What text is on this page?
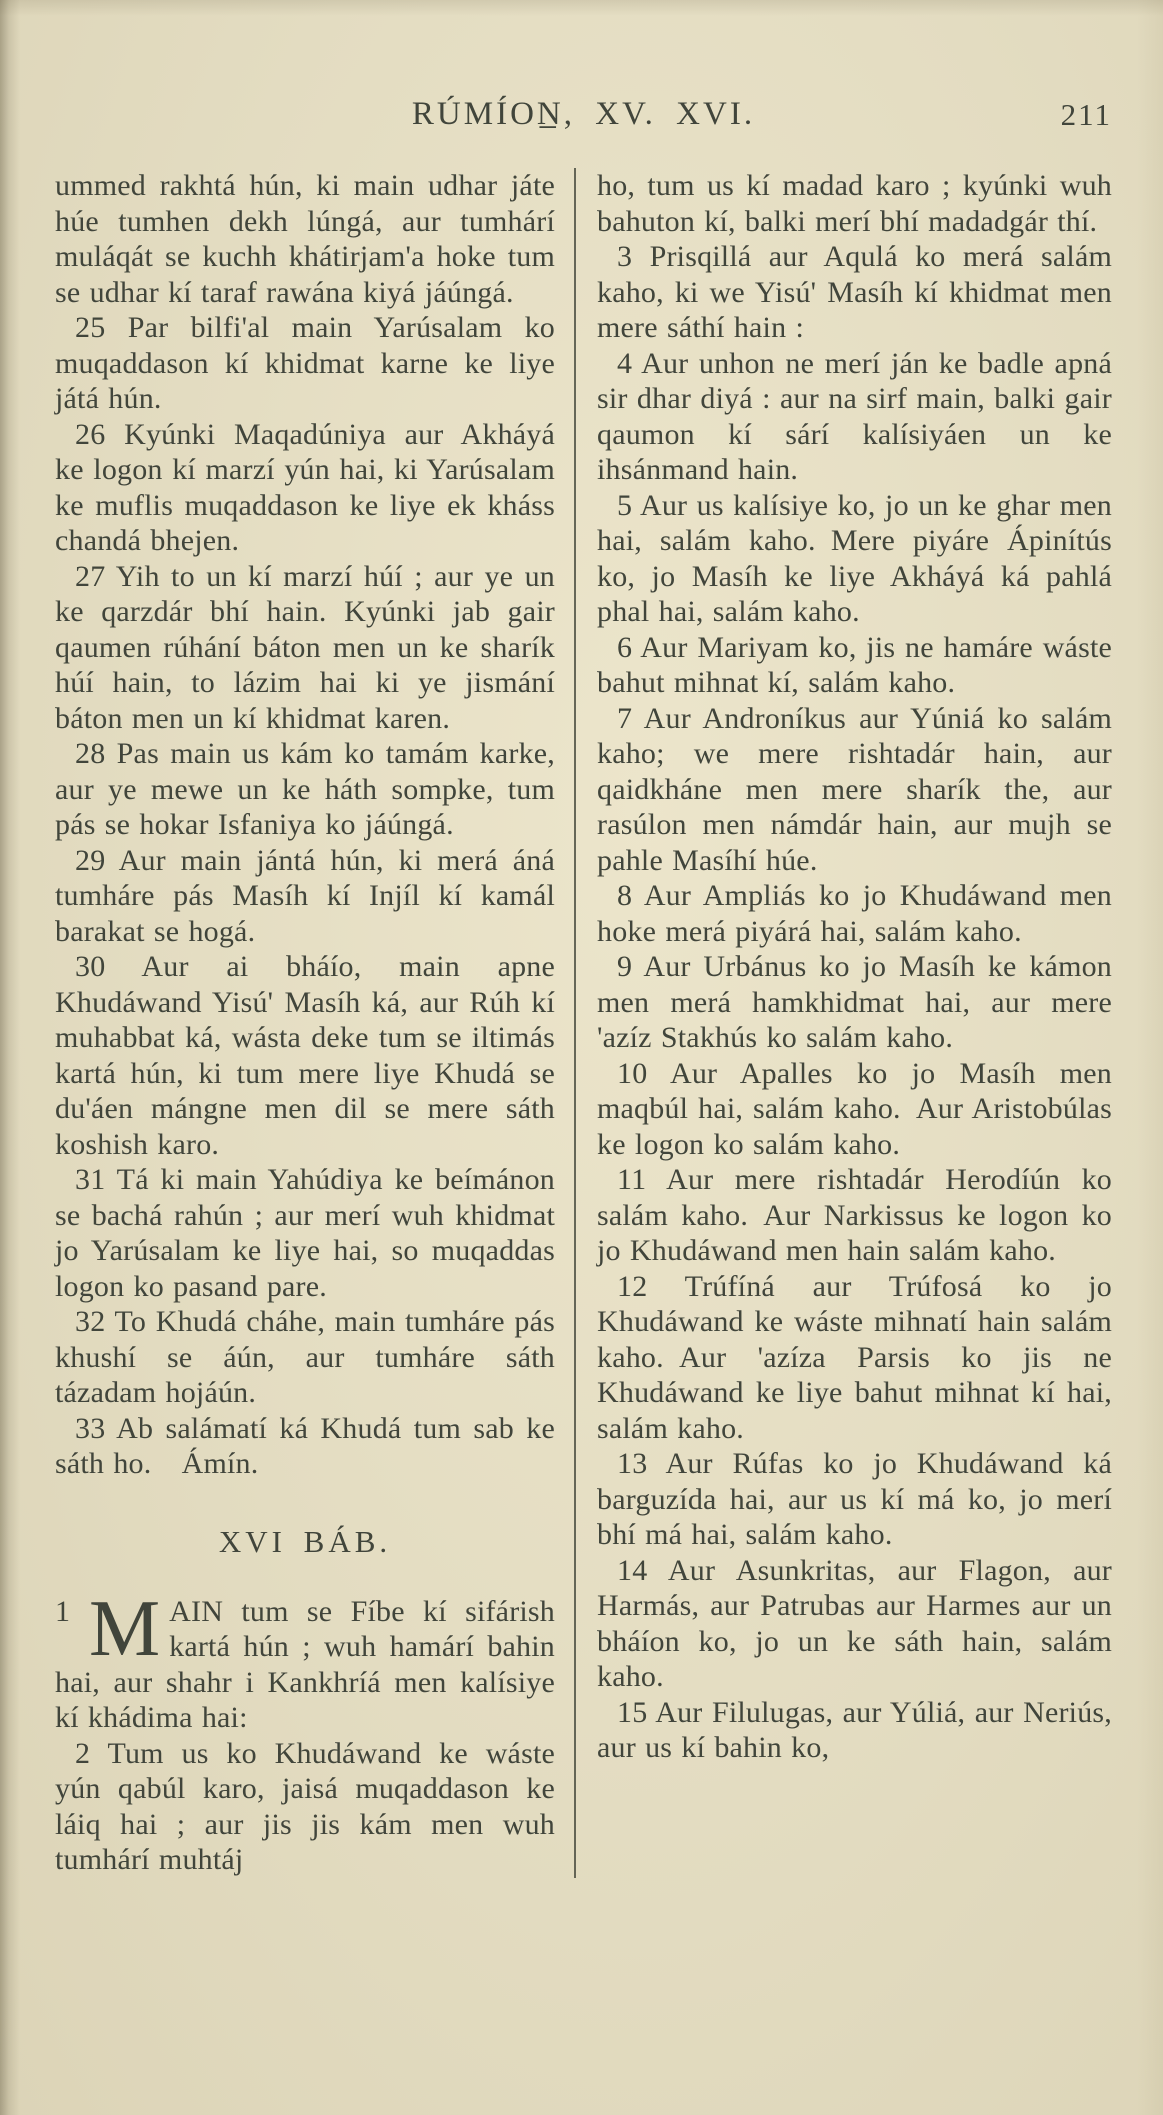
RÚMÍON̲, XV. XVI.	211

ummed rakhtá hún, ki main udhar játe húe tumhen dekh lúngá, aur tumhárí muláqát se kuchh khátirjam'a hoke tum se udhar kí taraf rawána kiyá jáúngá.

25 Par bilfi'al main Yarúsalam ko muqaddason kí khidmat karne ke liye játá hún.

26 Kyúnki Maqadúniya aur Akháyá ke logon kí marzí yún hai, ki Yarúsalam ke muflis muqaddason ke liye ek kháss chandá bhejen.

27 Yih to un kí marzí húí ; aur ye un ke qarzdár bhí hain. Kyúnki jab gair qaumen rúhání báton men un ke sharík húí hain, to lázim hai ki ye jismání báton men un kí khidmat karen.

28 Pas main us kám ko tamám karke, aur ye mewe un ke háth sompke, tum pás se hokar Isfaniya ko jáúngá.

29 Aur main jántá hún, ki merá áná tumháre pás Masíh kí Injíl kí kamál barakat se hogá.

30 Aur ai bháío, main apne Khudáwand Yisú' Masíh ká, aur Rúh kí muhabbat ká, wásta deke tum se iltimás kartá hún, ki tum mere liye Khudá se du'áen mángne men dil se mere sáth koshish karo.

31 Tá ki main Yahúdiya ke beímánon se bachá rahún ; aur merí wuh khidmat jo Yarúsalam ke liye hai, so muqaddas logon ko pasand pare.

32 To Khudá cháhe, main tumháre pás khushí se áún, aur tumháre sáth tázadam hojáún.

33 Ab salámatí ká Khudá tum sab ke sáth ho. Ámín.

XVI BÁB.

1 M AIN tum se Fíbe kí sifárish kartá hún ; wuh hamárí bahin hai, aur shahr i Kankhríá men kalísiye kí khádima hai:

2 Tum us ko Khudáwand ke wáste yún qabúl karo, jaisá muqaddason ke láiq hai ; aur jis jis kám men wuh tumhárí muhtáj

ho, tum us kí madad karo ; kyúnki wuh bahuton kí, balki merí bhí madadgár thí.

3 Prisqillá aur Aqulá ko merá salám kaho, ki we Yisú' Masíh kí khidmat men mere sáthí hain :

4 Aur unhon ne merí ján ke badle apná sir dhar diyá : aur na sirf main, balki gair qaumon kí sárí kalísiyáen un ke ihsánmand hain.

5 Aur us kalísiye ko, jo un ke ghar men hai, salám kaho. Mere piyáre Ápinítús ko, jo Masíh ke liye Akháyá ká pahlá phal hai, salám kaho.

6 Aur Mariyam ko, jis ne hamáre wáste bahut mihnat kí, salám kaho.

7 Aur Androníkus aur Yúniá ko salám kaho; we mere rishtadár hain, aur qaidkháne men mere sharík the, aur rasúlon men námdár hain, aur mujh se pahle Masíhí húe.

8 Aur Ampliás ko jo Khudáwand men hoke merá piyárá hai, salám kaho.

9 Aur Urbánus ko jo Masíh ke kámon men merá hamkhidmat hai, aur mere 'azíz Stakhús ko salám kaho.

10 Aur Apalles ko jo Masíh men maqbúl hai, salám kaho. Aur Aristobúlas ke logon ko salám kaho.

11 Aur mere rishtadár Herodíún ko salám kaho. Aur Narkissus ke logon ko jo Khudáwand men hain salám kaho.

12 Trúfíná aur Trúfosá ko jo Khudáwand ke wáste mihnatí hain salám kaho. Aur 'azíza Parsis ko jis ne Khudáwand ke liye bahut mihnat kí hai, salám kaho.

13 Aur Rúfas ko jo Khudáwand ká barguzída hai, aur us kí má ko, jo merí bhí má hai, salám kaho.

14 Aur Asunkritas, aur Flagon, aur Harmás, aur Patrubas aur Harmes aur un bháíon ko, jo un ke sáth hain, salám kaho.

15 Aur Filulugas, aur Yúliá, aur Neriús, aur us kí bahin ko,
